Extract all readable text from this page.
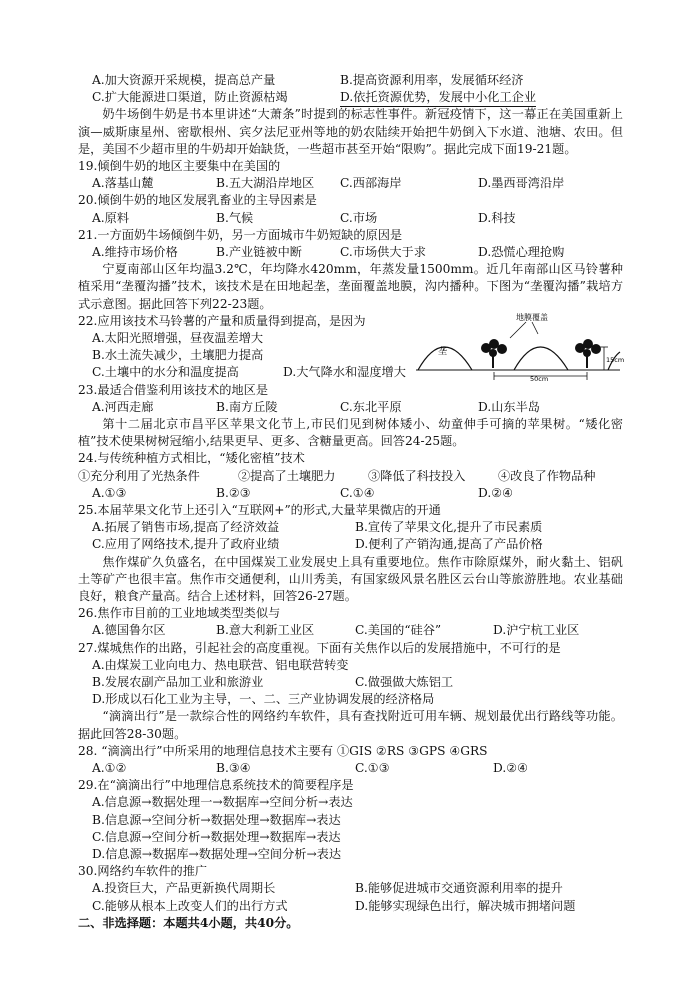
A.加大资源开采规模，提高总产量	B.提高资源利用率，发展循环经济
C.扩大能源进口渠道，防止资源枯竭	D.依托资源优势，发展中小化工企业
奶牛场倒牛奶是书本里讲述“大萧条”时提到的标志性事件。新冠疫情下，这一幕正在美国重新上演—威斯康星州、密歇根州、宾夕法尼亚州等地的奶农陆续开始把牛奶倒入下水道、池塘、农田。但是，美国不少超市里的牛奶却开始缺货，一些超市甚至开始“限购”。据此完成下面19-21题。
19.倾倒牛奶的地区主要集中在美国的
A.落基山麓	B.五大湖沿岸地区 C.西部海岸	D.墨西哥湾沿岸
20.倾倒牛奶的地区发展乳畜业的主导因素是
A.原料	B.气候	C.市场	D.科技
21.一方面奶牛场倾倒牛奶，另一方面城市牛奶短缺的原因是
A.维持市场价格	B.产业链被中断	C.市场供大于求	D.恐慌心理抢购
宁夏南部山区年均温3.2℃，年均降水420mm，年蒸发量1500mm。近几年南部山区马铃薯种植采用“垄覆沟播”技术，该技术是在田地起垄，垄面覆盖地膜，沟内播种。下图为“垄覆沟播”栽培方式示意图。据此回答下列22-23题。
22.应用该技术马铃薯的产量和质量得到提高，是因为
A.太阳光照增强，昼夜温差增大
B.水土流失减少，土壤肥力提高
C.土壤中的水分和温度提高	D.大气降水和湿度增大
23.最适合借鉴利用该技术的地区是
A.河西走廊	B.南方丘陵	C.东北平原	D.山东半岛
第十二届北京市昌平区苹果文化节上,市民们见到树体矮小、幼童伸手可摘的苹果树。“矮化密植”技术使果树树冠缩小,结果更早、更多、含糖量更高。回答24-25题。
24.与传统种植方式相比，“矮化密植”技术
①充分利用了光热条件	②提高了土壤肥力	③降低了科技投入	④改良了作物品种
A.①③	B.②③	C.①④	D.②④
25.本届苹果文化节上还引入“互联网+”的形式,大量苹果微店的开通
A.拓展了销售市场,提高了经济效益	B.宣传了苹果文化,提升了市民素质
C.应用了网络技术,提升了政府业绩	D.便利了产销沟通,提高了产品价格
焦作煤矿久负盛名，在中国煤炭工业发展史上具有重要地位。焦作市除原煤外，耐火黏土、铝矾土等矿产也很丰富。焦作市交通便利，山川秀美，有国家级风景名胜区云台山等旅游胜地。农业基础良好，粮食产量高。结合上述材料，回答26-27题。
26.焦作市目前的工业地域类型类似与
A.德国鲁尔区	B.意大利新工业区	C.美国的“硅谷”	D.沪宁杭工业区
27.煤城焦作的出路，引起社会的高度重视。下面有关焦作以后的发展措施中，不可行的是
A.由煤炭工业向电力、热电联营、铝电联营转变
B.发展农副产品加工业和旅游业	C.做强做大炼铝工
D.形成以石化工业为主导，一、二、三产业协调发展的经济格局
“滴滴出行”是一款综合性的网络约车软件，具有查找附近可用车辆、规划最优出行路线等功能。据此回答28-30题。
28. “滴滴出行”中所采用的地理信息技术主要有 ①GIS ②RS ③GPS ④GRS
A.①②	B.③④	C.①③	D.②④
29.在“滴滴出行”中地理信息系统技术的简要程序是
A.信息源→数据处理一→数据库→空间分析→表达
B.信息源→空间分析→数据处理→数据库→表达
C.信息源→空间分析→数据处理→数据库→表达
D.信息源→数据库→数据处理→空间分析→表达
30.网络约车软件的推广
A.投资巨大，产品更新换代周期长	B.能够促进城市交通资源利用率的提升
C.能够从根本上改变人们的出行方式	D.能够实现绿色出行，解决城市拥堵问题
二、非选择题：本题共4小题，共40分。
地膜覆盖
垄
50cm
15cm
